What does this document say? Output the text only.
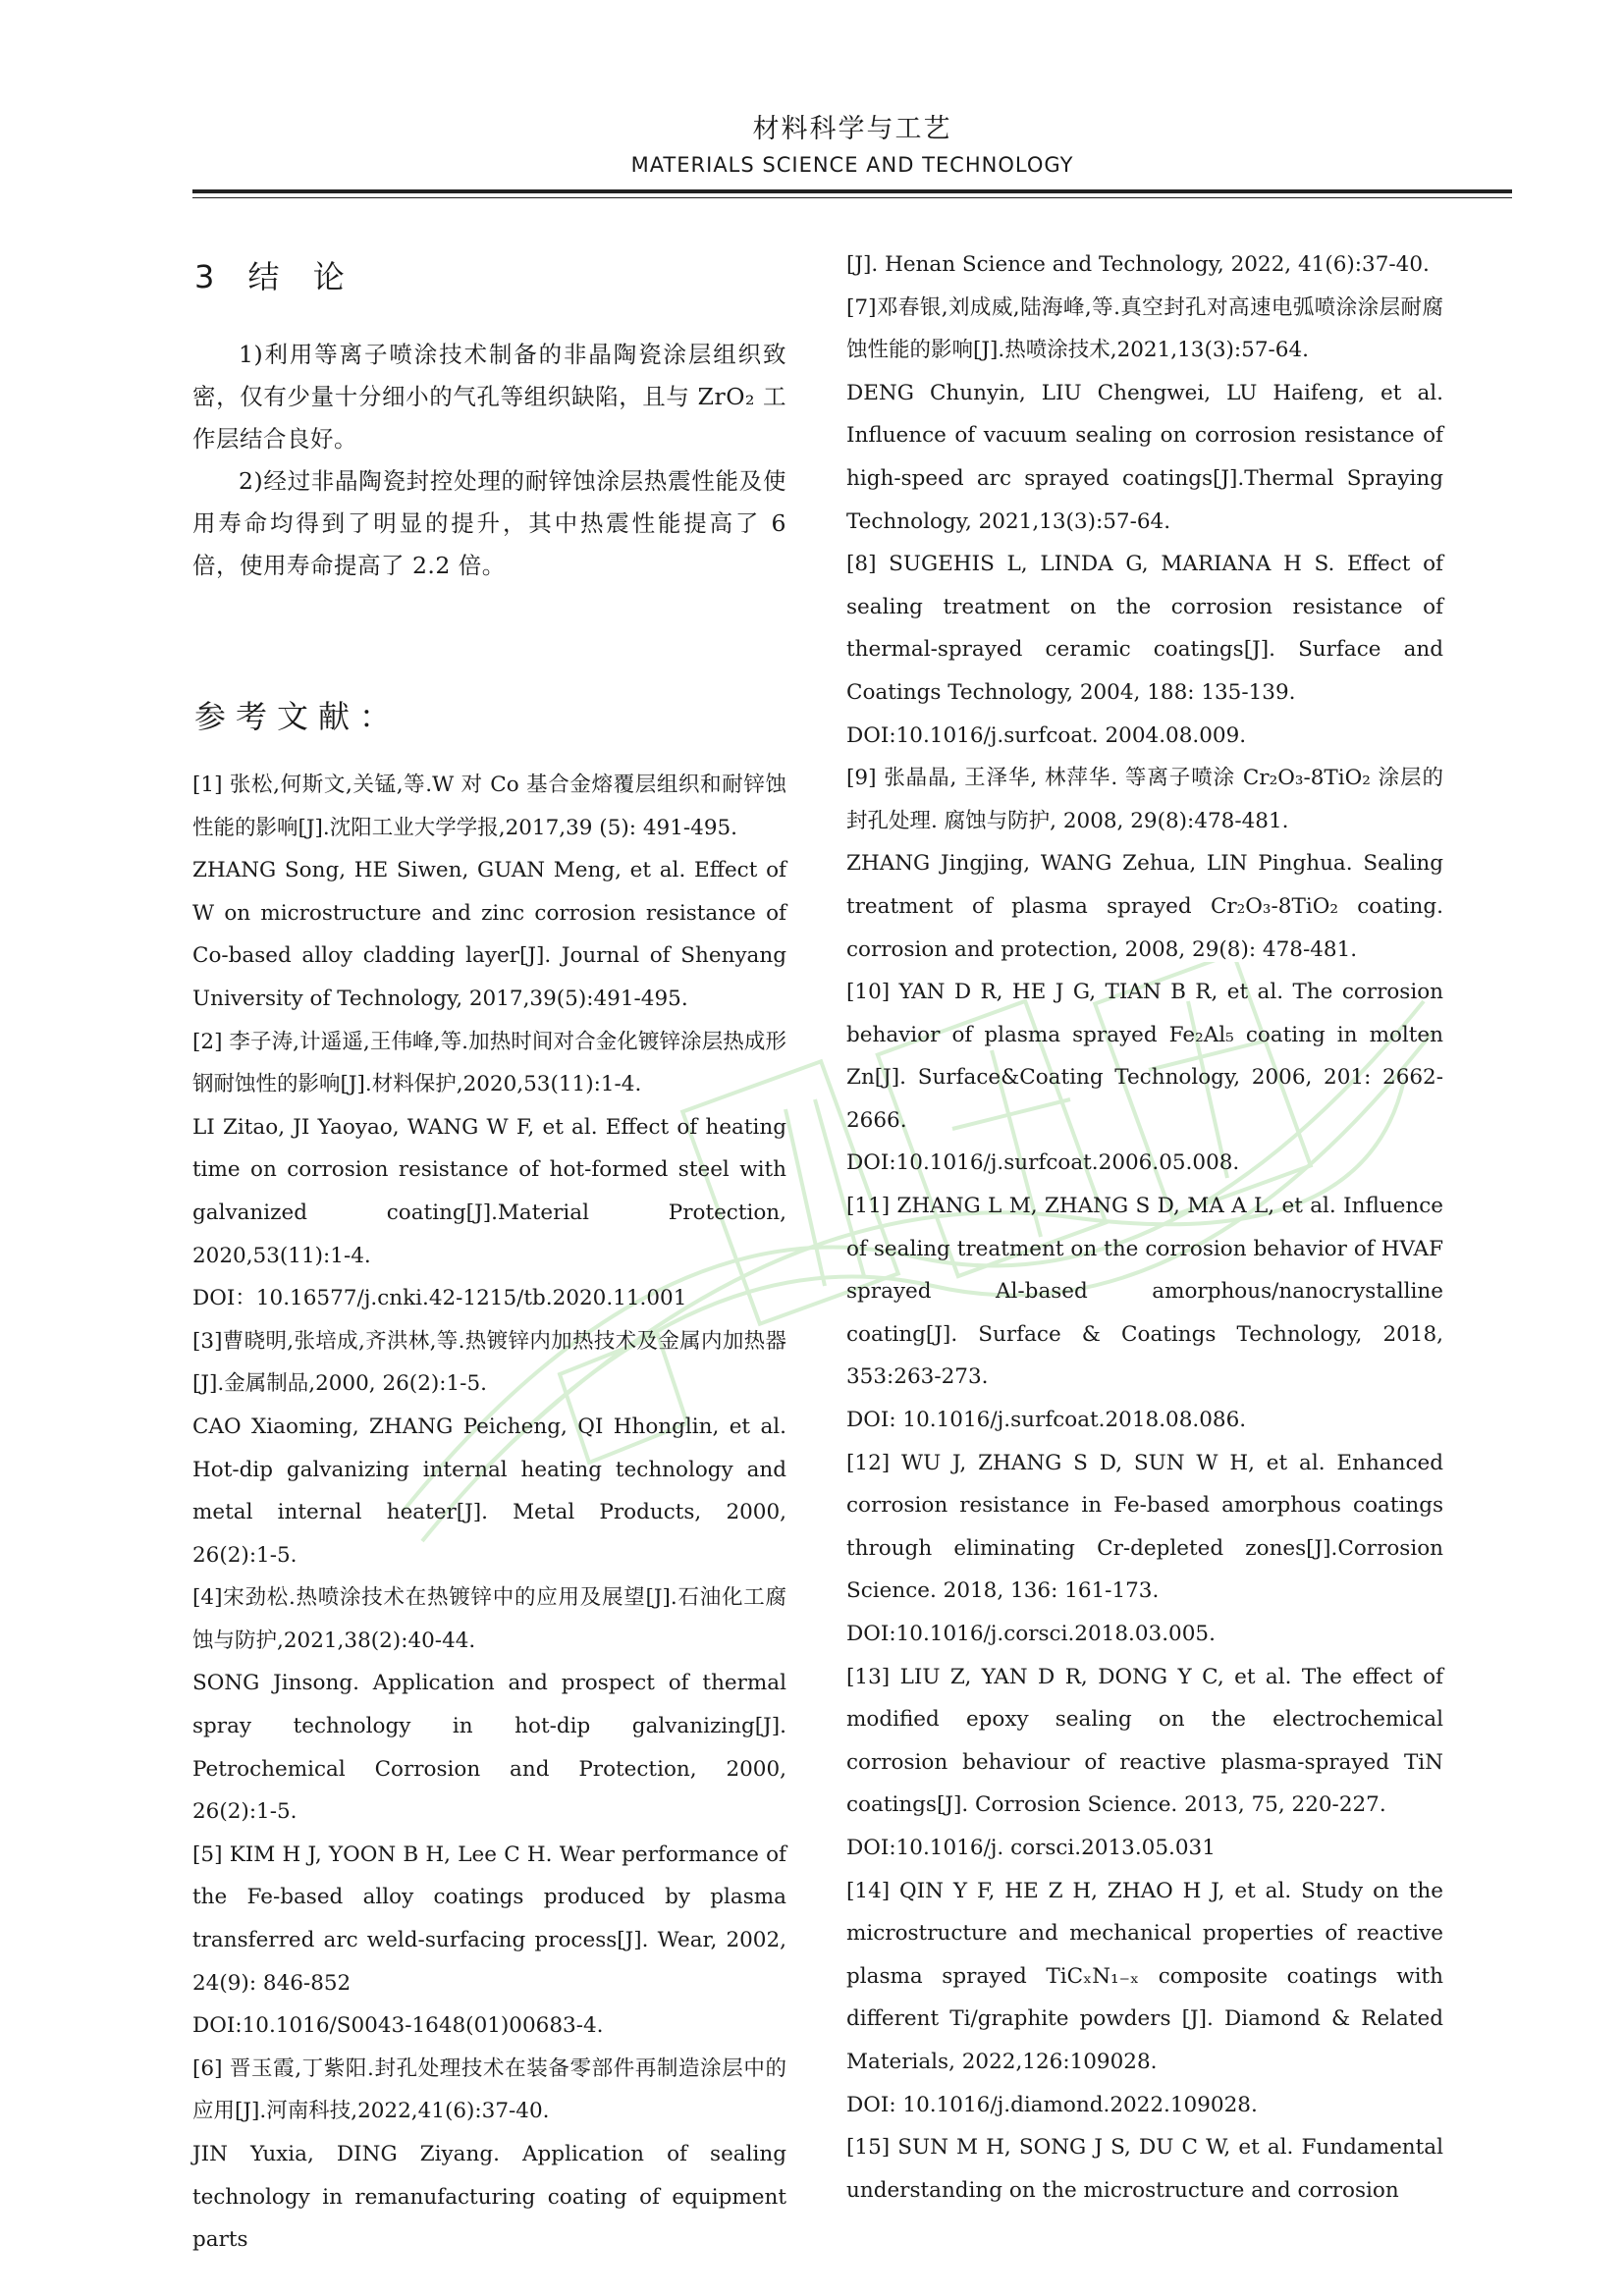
材料科学与工艺
MATERIALS SCIENCE AND TECHNOLOGY
3 结 论

1)利用等离子喷涂技术制备的非晶陶瓷涂层组织致密，仅有少量十分细小的气孔等组织缺陷，且与 ZrO₂ 工作层结合良好。

2)经过非晶陶瓷封控处理的耐锌蚀涂层热震性能及使用寿命均得到了明显的提升，其中热震性能提高了 6 倍，使用寿命提高了 2.2 倍。

参考文献：

[1] 张松,何斯文,关锰,等.W 对 Co 基合金熔覆层组织和耐锌蚀性能的影响[J].沈阳工业大学学报,2017,39 (5): 491-495.

ZHANG Song, HE Siwen, GUAN Meng, et al. Effect of W on microstructure and zinc corrosion resistance of Co-based alloy cladding layer[J]. Journal of Shenyang University of Technology, 2017,39(5):491-495.

[2] 李子涛,计遥遥,王伟峰,等.加热时间对合金化镀锌涂层热成形钢耐蚀性的影响[J].材料保护,2020,53(11):1-4.

LI Zitao, JI Yaoyao, WANG W F, et al. Effect of heating time on corrosion resistance of hot-formed steel with galvanized coating[J].Material Protection, 2020,53(11):1-4.

DOI：10.16577/j.cnki.42-1215/tb.2020.11.001

[3]曹晓明,张培成,齐洪林,等.热镀锌内加热技术及金属内加热器[J].金属制品,2000, 26(2):1-5.

CAO Xiaoming, ZHANG Peicheng, QI Hhonglin, et al. Hot-dip galvanizing internal heating technology and metal internal heater[J]. Metal Products, 2000, 26(2):1-5.

[4]宋劲松.热喷涂技术在热镀锌中的应用及展望[J].石油化工腐蚀与防护,2021,38(2):40-44.

SONG Jinsong. Application and prospect of thermal spray technology in hot-dip galvanizing[J]. Petrochemical Corrosion and Protection, 2000, 26(2):1-5.

[5] KIM H J, YOON B H, Lee C H. Wear performance of the Fe-based alloy coatings produced by plasma transferred arc weld-surfacing process[J]. Wear, 2002, 24(9): 846-852

DOI:10.1016/S0043-1648(01)00683-4.

[6] 晋玉霞,丁紫阳.封孔处理技术在装备零部件再制造涂层中的应用[J].河南科技,2022,41(6):37-40.

JIN Yuxia, DING Ziyang. Application of sealing technology in remanufacturing coating of equipment parts

[J]. Henan Science and Technology, 2022, 41(6):37-40.

[7]邓春银,刘成威,陆海峰,等.真空封孔对高速电弧喷涂涂层耐腐蚀性能的影响[J].热喷涂技术,2021,13(3):57-64.

DENG Chunyin, LIU Chengwei, LU Haifeng, et al. Influence of vacuum sealing on corrosion resistance of high-speed arc sprayed coatings[J].Thermal Spraying Technology, 2021,13(3):57-64.

[8] SUGEHIS L, LINDA G, MARIANA H S. Effect of sealing treatment on the corrosion resistance of thermal-sprayed ceramic coatings[J]. Surface and Coatings Technology, 2004, 188: 135-139.

DOI:10.1016/j.surfcoat. 2004.08.009.

[9] 张晶晶, 王泽华, 林萍华. 等离子喷涂 Cr₂O₃-8TiO₂ 涂层的封孔处理. 腐蚀与防护, 2008, 29(8):478-481.

ZHANG Jingjing, WANG Zehua, LIN Pinghua. Sealing treatment of plasma sprayed Cr₂O₃-8TiO₂ coating. corrosion and protection, 2008, 29(8): 478-481.

[10] YAN D R, HE J G, TIAN B R, et al. The corrosion behavior of plasma sprayed Fe₂Al₅ coating in molten Zn[J]. Surface&Coating Technology, 2006, 201: 2662-2666.

DOI:10.1016/j.surfcoat.2006.05.008.

[11] ZHANG L M, ZHANG S D, MA A L, et al. Influence of sealing treatment on the corrosion behavior of HVAF sprayed Al-based amorphous/nanocrystalline coating[J]. Surface & Coatings Technology, 2018, 353:263-273.

DOI: 10.1016/j.surfcoat.2018.08.086.

[12] WU J, ZHANG S D, SUN W H, et al. Enhanced corrosion resistance in Fe-based amorphous coatings through eliminating Cr-depleted zones[J].Corrosion Science. 2018, 136: 161-173.

DOI:10.1016/j.corsci.2018.03.005.

[13] LIU Z, YAN D R, DONG Y C, et al. The effect of modified epoxy sealing on the electrochemical corrosion behaviour of reactive plasma-sprayed TiN coatings[J]. Corrosion Science. 2013, 75, 220-227.

DOI:10.1016/j. corsci.2013.05.031

[14] QIN Y F, HE Z H, ZHAO H J, et al. Study on the microstructure and mechanical properties of reactive plasma sprayed TiCₓN₁₋ₓ composite coatings with different Ti/graphite powders [J]. Diamond & Related Materials, 2022,126:109028.

DOI: 10.1016/j.diamond.2022.109028.

[15] SUN M H, SONG J S, DU C W, et al. Fundamental understanding on the microstructure and corrosion
